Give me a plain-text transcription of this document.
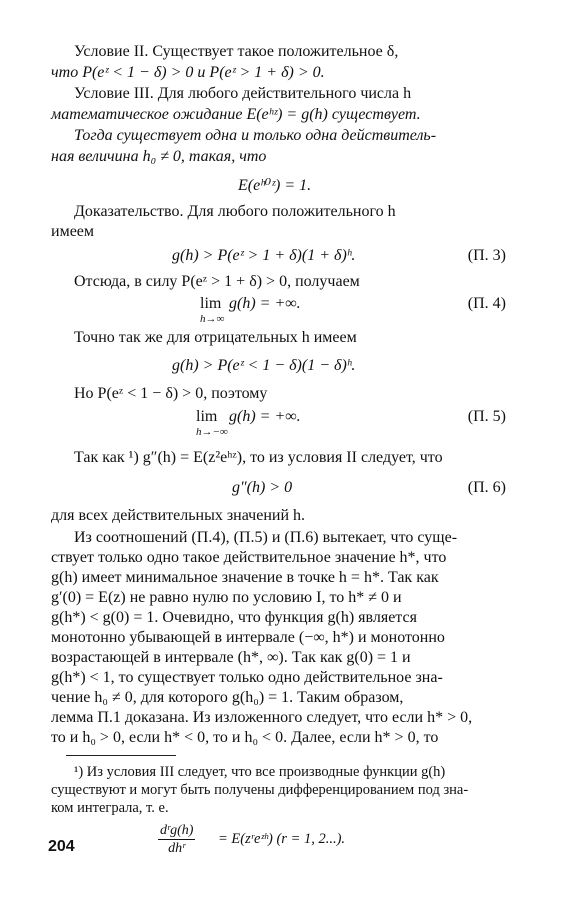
Условие II. Существует такое положительное δ,
что P(eᶻ < 1 − δ) > 0 и P(eᶻ > 1 + δ) > 0.
Условие III. Для любого действительного числа h
математическое ожидание E(eʰᶻ) = g(h) существует.
Тогда существует одна и только одна действитель-
ная величина h₀ ≠ 0, такая, что
E(eʰ⁰ᶻ) = 1.
Доказательство. Для любого положительного h
имеем
g(h) > P(eᶻ > 1 + δ)(1 + δ)ʰ.	(П. 3)
Отсюда, в силу P(eᶻ > 1 + δ) > 0, получаем
lim
h→∞
g(h) = +∞.	(П. 4)
Точно так же для отрицательных h имеем
g(h) > P(eᶻ < 1 − δ)(1 − δ)ʰ.
Но P(eᶻ < 1 − δ) > 0, поэтому
lim
h→−∞
g(h) = +∞.	(П. 5)
Так как ¹) g″(h) = E(z²eʰᶻ), то из условия II следует, что
g″(h) > 0	(П. 6)
для всех действительных значений h.
Из соотношений (П.4), (П.5) и (П.6) вытекает, что суще-
ствует только одно такое действительное значение h*, что
g(h) имеет минимальное значение в точке h = h*. Так как
g′(0) = E(z) не равно нулю по условию I, то h* ≠ 0 и
g(h*) < g(0) = 1. Очевидно, что функция g(h) является
монотонно убывающей в интервале (−∞, h*) и монотонно
возрастающей в интервале (h*, ∞). Так как g(0) = 1 и
g(h*) < 1, то существует только одно действительное зна-
чение h₀ ≠ 0, для которого g(h₀) = 1. Таким образом,
лемма П.1 доказана. Из изложенного следует, что если h* > 0,
то и h₀ > 0, если h* < 0, то и h₀ < 0. Далее, если h* > 0, то
¹) Из условия III следует, что все производные функции g(h)
существуют и могут быть получены дифференцированием под зна-
ком интеграла, т. е.
dʳg(h)
dhʳ
= E(zʳeᶻʰ) (r = 1, 2...).
204
